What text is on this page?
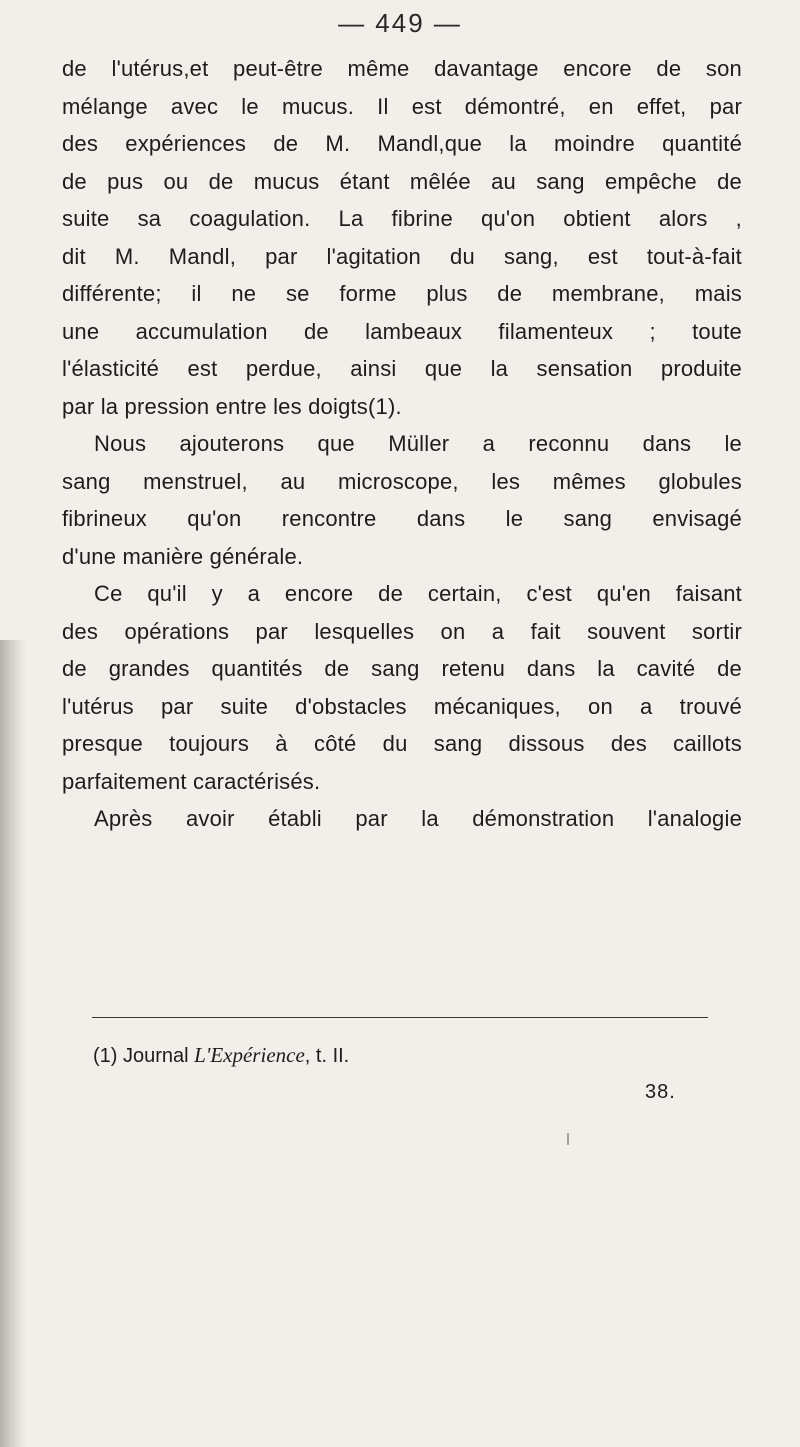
— 449 —
de l'utérus,et peut-être même davantage encore de son
mélange avec le mucus. Il est démontré, en effet, par
des expériences de M. Mandl,que la moindre quantité
de pus ou de mucus étant mêlée au sang empêche de
suite sa coagulation. La fibrine qu'on obtient alors ,
dit M. Mandl, par l'agitation du sang, est tout-à-fait
différente; il ne se forme plus de membrane, mais
une accumulation de lambeaux filamenteux ; toute
l'élasticité est perdue, ainsi que la sensation produite
par la pression entre les doigts(1).
Nous ajouterons que Müller a reconnu dans le
sang menstruel, au microscope, les mêmes globules
fibrineux qu'on rencontre dans le sang envisagé
d'une manière générale.
Ce qu'il y a encore de certain, c'est qu'en faisant
des opérations par lesquelles on a fait souvent sortir
de grandes quantités de sang retenu dans la cavité de
l'utérus par suite d'obstacles mécaniques, on a trouvé
presque toujours à côté du sang dissous des caillots
parfaitement caractérisés.
Après avoir établi par la démonstration l'analogie
(1) Journal L'Expérience, t. II.
38.
